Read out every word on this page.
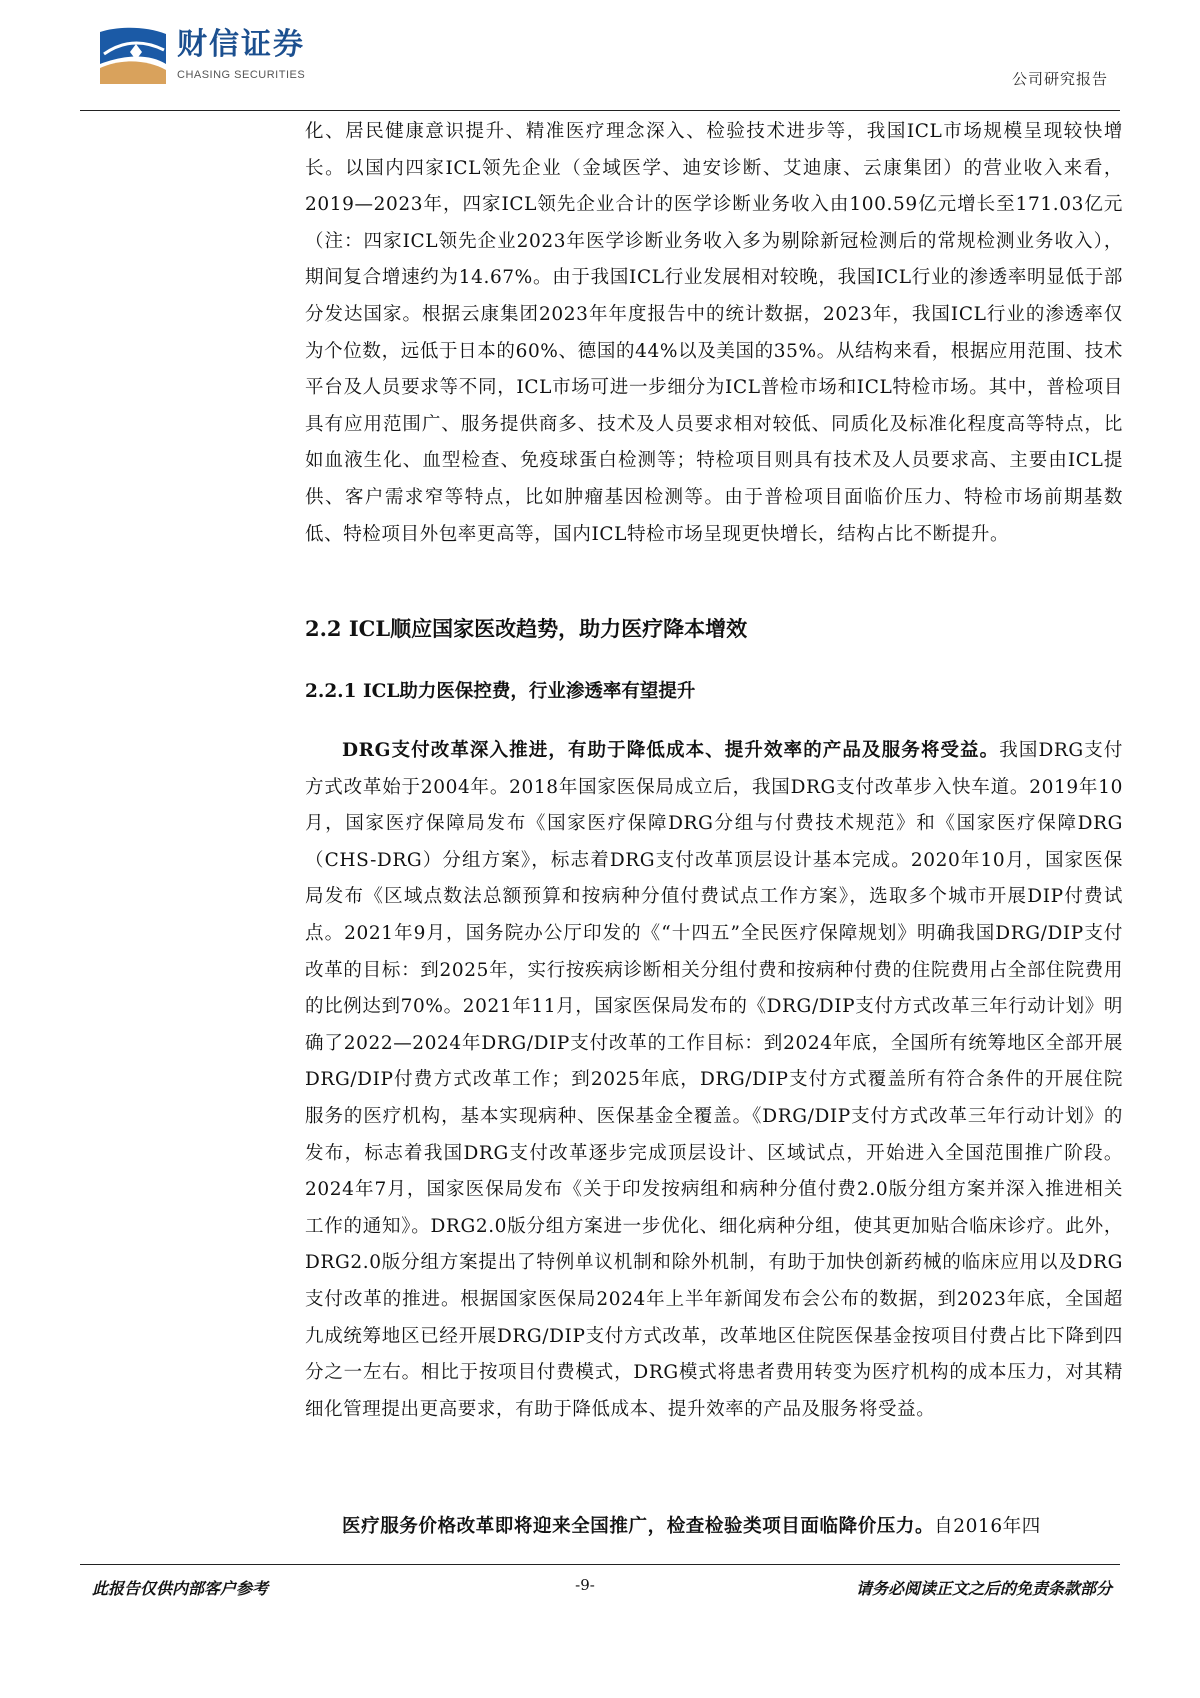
财信证券
CHASING SECURITIES	公司研究报告

化、居民健康意识提升、精准医疗理念深入、检验技术进步等，我国ICL市场规模呈现较快增长。以国内四家ICL领先企业（金域医学、迪安诊断、艾迪康、云康集团）的营业收入来看，2019—2023年，四家ICL领先企业合计的医学诊断业务收入由100.59亿元增长至171.03亿元（注：四家ICL领先企业2023年医学诊断业务收入多为剔除新冠检测后的常规检测业务收入），期间复合增速约为14.67%。由于我国ICL行业发展相对较晚，我国ICL行业的渗透率明显低于部分发达国家。根据云康集团2023年年度报告中的统计数据，2023年，我国ICL行业的渗透率仅为个位数，远低于日本的60%、德国的44%以及美国的35%。从结构来看，根据应用范围、技术平台及人员要求等不同，ICL市场可进一步细分为ICL普检市场和ICL特检市场。其中，普检项目具有应用范围广、服务提供商多、技术及人员要求相对较低、同质化及标准化程度高等特点，比如血液生化、血型检查、免疫球蛋白检测等；特检项目则具有技术及人员要求高、主要由ICL提供、客户需求窄等特点，比如肿瘤基因检测等。由于普检项目面临价压力、特检市场前期基数低、特检项目外包率更高等，国内ICL特检市场呈现更快增长，结构占比不断提升。

2.2 ICL顺应国家医改趋势，助力医疗降本增效
2.2.1 ICL助力医保控费，行业渗透率有望提升

DRG支付改革深入推进，有助于降低成本、提升效率的产品及服务将受益。我国DRG支付方式改革始于2004年。2018年国家医保局成立后，我国DRG支付改革步入快车道。2019年10月，国家医疗保障局发布《国家医疗保障DRG分组与付费技术规范》和《国家医疗保障DRG（CHS-DRG）分组方案》，标志着DRG支付改革顶层设计基本完成。2020年10月，国家医保局发布《区域点数法总额预算和按病种分值付费试点工作方案》，选取多个城市开展DIP付费试点。2021年9月，国务院办公厅印发的《“十四五”全民医疗保障规划》明确我国DRG/DIP支付改革的目标：到2025年，实行按疾病诊断相关分组付费和按病种付费的住院费用占全部住院费用的比例达到70%。2021年11月，国家医保局发布的《DRG/DIP支付方式改革三年行动计划》明确了2022—2024年DRG/DIP支付改革的工作目标：到2024年底，全国所有统筹地区全部开展DRG/DIP付费方式改革工作；到2025年底，DRG/DIP支付方式覆盖所有符合条件的开展住院服务的医疗机构，基本实现病种、医保基金全覆盖。《DRG/DIP支付方式改革三年行动计划》的发布，标志着我国DRG支付改革逐步完成顶层设计、区域试点，开始进入全国范围推广阶段。2024年7月，国家医保局发布《关于印发按病组和病种分值付费2.0版分组方案并深入推进相关工作的通知》。DRG2.0版分组方案进一步优化、细化病种分组，使其更加贴合临床诊疗。此外，DRG2.0版分组方案提出了特例单议机制和除外机制，有助于加快创新药械的临床应用以及DRG支付改革的推进。根据国家医保局2024年上半年新闻发布会公布的数据，到2023年底，全国超九成统筹地区已经开展DRG/DIP支付方式改革，改革地区住院医保基金按项目付费占比下降到四分之一左右。相比于按项目付费模式，DRG模式将患者费用转变为医疗机构的成本压力，对其精细化管理提出更高要求，有助于降低成本、提升效率的产品及服务将受益。

医疗服务价格改革即将迎来全国推广，检查检验类项目面临降价压力。自2016年四

此报告仅供内部客户参考	-9-	请务必阅读正文之后的免责条款部分
